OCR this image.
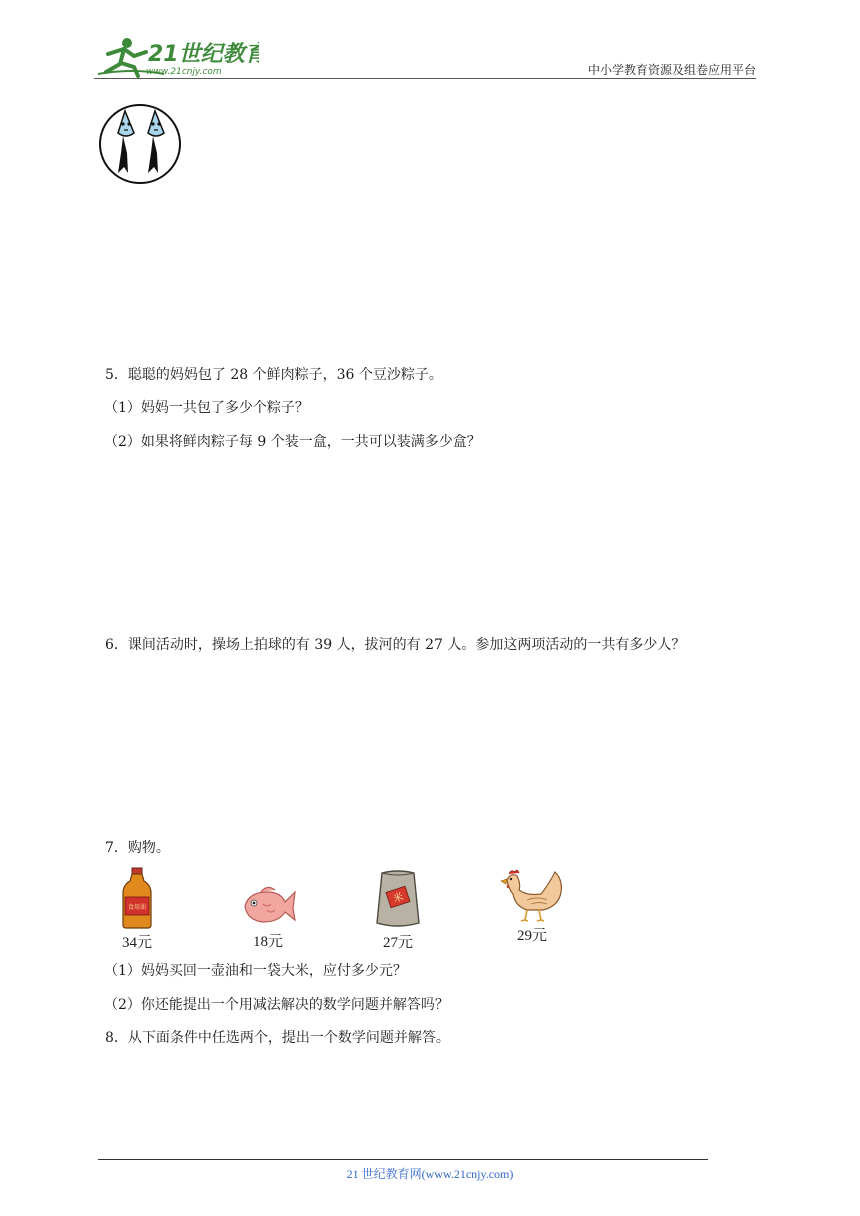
21世纪教育
www.21cnjy.com	中小学教育资源及组卷应用平台
5．聪聪的妈妈包了 28 个鲜肉粽子，36 个豆沙粽子。
（1）妈妈一共包了多少个粽子？
（2）如果将鲜肉粽子每 9 个装一盒，一共可以装满多少盒？
6．课间活动时，操场上拍球的有 39 人，拔河的有 27 人。参加这两项活动的一共有多少人？
7．购物。
食用油
34元	18元
米
27元	29元
（1）妈妈买回一壶油和一袋大米，应付多少元？
（2）你还能提出一个用减法解决的数学问题并解答吗？
8．从下面条件中任选两个，提出一个数学问题并解答。
21 世纪教育网(www.21cnjy.com)
